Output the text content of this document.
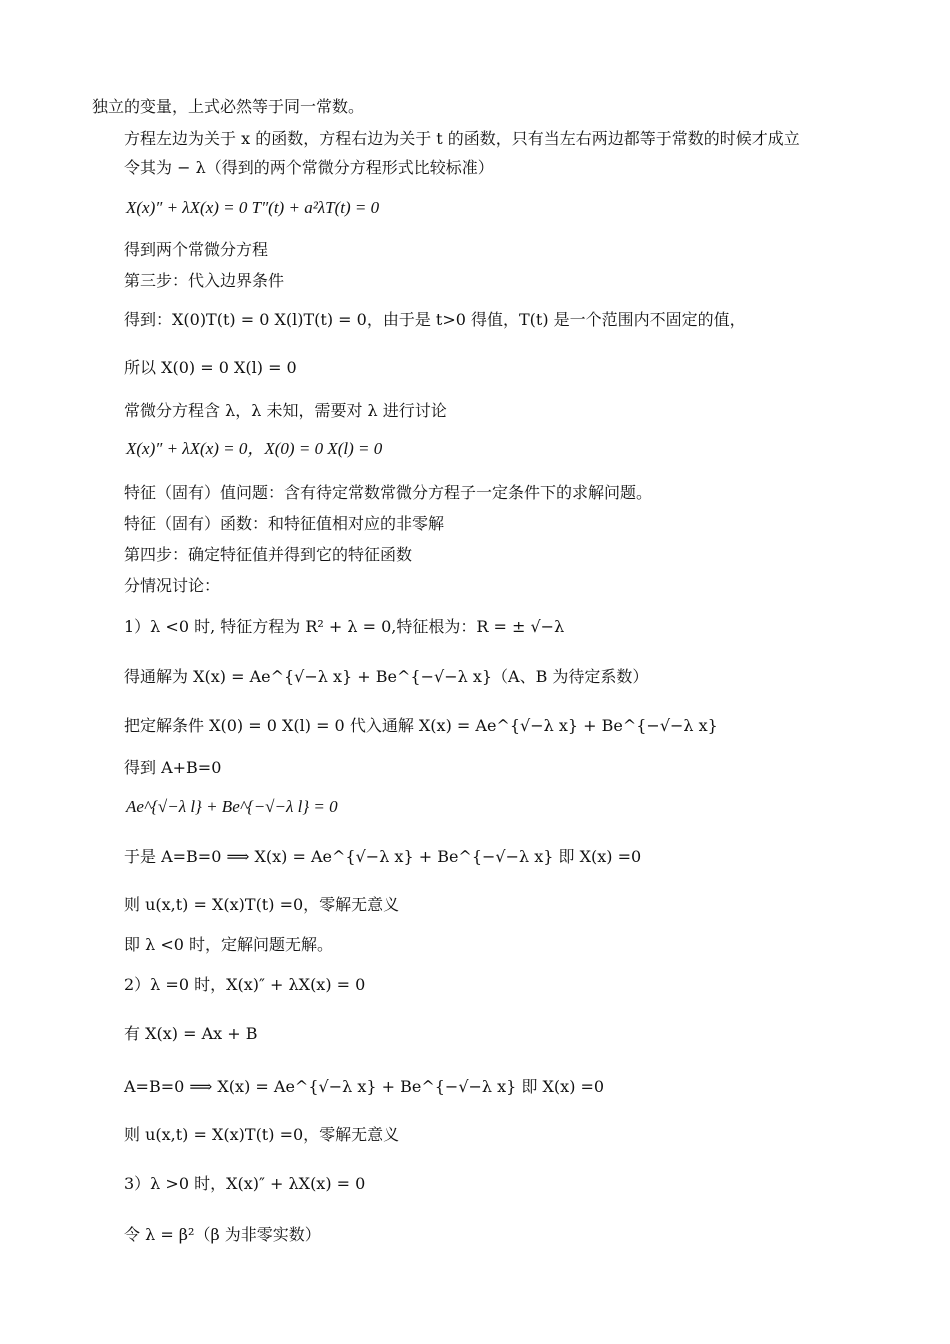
独立的变量，上式必然等于同一常数。
方程左边为关于 x 的函数，方程右边为关于 t 的函数，只有当左右两边都等于常数的时候才成立
令其为 − λ（得到的两个常微分方程形式比较标准）
X(x)″ + λX(x) = 0 T″(t) + a²λT(t) = 0
得到两个常微分方程
第三步：代入边界条件
得到：X(0)T(t) = 0 X(l)T(t) = 0，由于是 t>0 得值，T(t) 是一个范围内不固定的值，
所以 X(0) = 0 X(l) = 0
常微分方程含 λ，λ 未知，需要对 λ 进行讨论
X(x)″ + λX(x) = 0，X(0) = 0 X(l) = 0
特征（固有）值问题：含有待定常数常微分方程子一定条件下的求解问题。
特征（固有）函数：和特征值相对应的非零解
第四步：确定特征值并得到它的特征函数
分情况讨论：
1）λ <0 时, 特征方程为 R² + λ = 0,特征根为：R = ± √−λ
得通解为 X(x) = Ae^{√−λ x} + Be^{−√−λ x}（A、B 为待定系数）
把定解条件 X(0) = 0 X(l) = 0 代入通解 X(x) = Ae^{√−λ x} + Be^{−√−λ x}
得到 A+B=0
Ae^{√−λ l} + Be^{−√−λ l} = 0
于是 A=B=0 ⟹ X(x) = Ae^{√−λ x} + Be^{−√−λ x} 即 X(x) =0
则 u(x,t) = X(x)T(t) =0，零解无意义
即 λ <0 时，定解问题无解。
2）λ =0 时，X(x)″ + λX(x) = 0
有 X(x) = Ax + B
A=B=0 ⟹ X(x) = Ae^{√−λ x} + Be^{−√−λ x} 即 X(x) =0
则 u(x,t) = X(x)T(t) =0，零解无意义
3）λ >0 时，X(x)″ + λX(x) = 0
令 λ = β²（β 为非零实数）
